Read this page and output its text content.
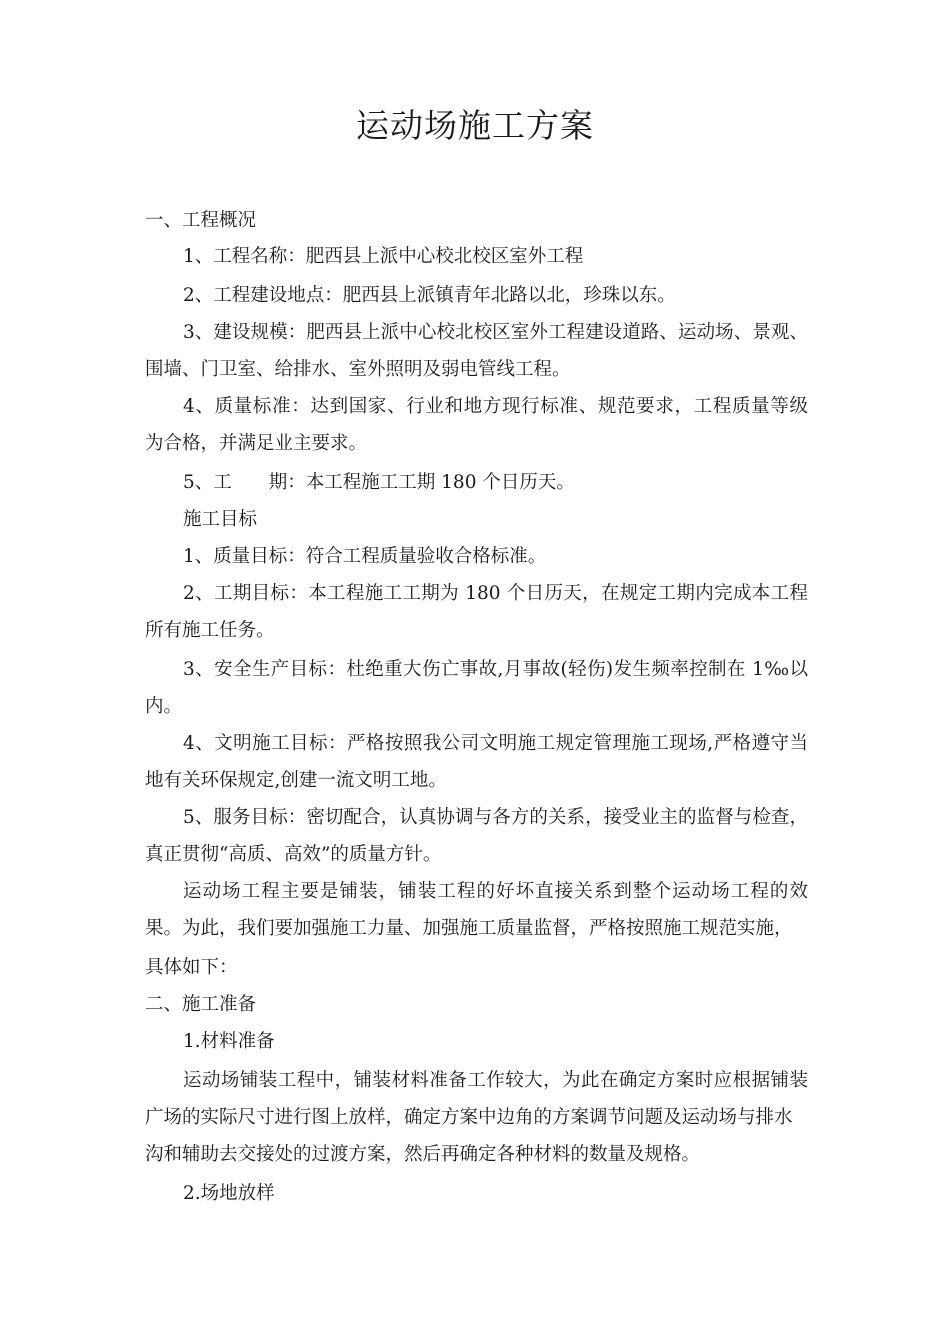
运动场施工方案
一、工程概况
1、工程名称：肥西县上派中心校北校区室外工程
2、工程建设地点：肥西县上派镇青年北路以北，珍珠以东。
3、建设规模：肥西县上派中心校北校区室外工程建设道路、运动场、景观、
围墙、门卫室、给排水、室外照明及弱电管线工程。
4、质量标准：达到国家、行业和地方现行标准、规范要求，工程质量等级
为合格，并满足业主要求。
5、工　　期：本工程施工工期 180 个日历天。
施工目标
1、质量目标：符合工程质量验收合格标准。
2、工期目标：本工程施工工期为 180 个日历天，在规定工期内完成本工程
所有施工任务。
3、安全生产目标：杜绝重大伤亡事故,月事故(轻伤)发生频率控制在 1‰以
内。
4、文明施工目标：严格按照我公司文明施工规定管理施工现场,严格遵守当
地有关环保规定,创建一流文明工地。
5、服务目标：密切配合，认真协调与各方的关系，接受业主的监督与检查，
真正贯彻“高质、高效”的质量方针。
运动场工程主要是铺装，铺装工程的好坏直接关系到整个运动场工程的效
果。为此，我们要加强施工力量、加强施工质量监督，严格按照施工规范实施，
具体如下：
二、施工准备
1.材料准备
运动场铺装工程中，铺装材料准备工作较大，为此在确定方案时应根据铺装
广场的实际尺寸进行图上放样，确定方案中边角的方案调节问题及运动场与排水
沟和辅助去交接处的过渡方案，然后再确定各种材料的数量及规格。
2.场地放样
